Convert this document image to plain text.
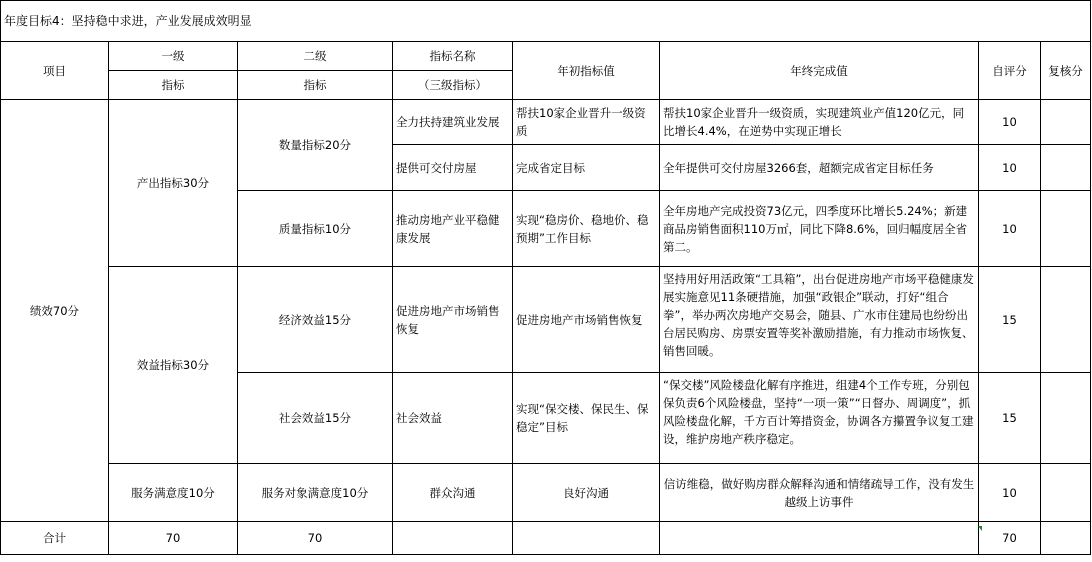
年度目标4：坚持稳中求进，产业发展成效明显							
项目	一级	二级	指标名称	年初指标值	年终完成值	自评分	复核分
	指标	指标	（三级指标）				
绩效70分	产出指标30分	数量指标20分	全力扶持建筑业发展	帮扶10家企业晋升一级资质	帮扶10家企业晋升一级资质，实现建筑业产值120亿元，同比增长4.4%，在逆势中实现正增长	10	
			提供可交付房屋	完成省定目标	全年提供可交付房屋3266套，超额完成省定目标任务	10	
		质量指标10分	推动房地产业平稳健康发展	实现“稳房价、稳地价、稳预期”工作目标	全年房地产完成投资73亿元，四季度环比增长5.24%；新建商品房销售面积110万㎡，同比下降8.6%，回归幅度居全省第二。	10	
	效益指标30分	经济效益15分	促进房地产市场销售恢复	促进房地产市场销售恢复	坚持用好用活政策“工具箱”，出台促进房地产市场平稳健康发展实施意见11条硬措施，加强“政银企”联动，打好“组合拳”，举办两次房地产交易会，随县、广水市住建局也纷纷出台居民购房、房票安置等奖补激励措施，有力推动市场恢复、销售回暖。	15	
		社会效益15分	社会效益	实现“保交楼、保民生、保稳定”目标	“保交楼”风险楼盘化解有序推进，组建4个工作专班，分别包保负责6个风险楼盘，坚持“一项一策”“日督办、周调度”，抓风险楼盘化解，千方百计筹措资金，协调各方攥置争议复工建设，维护房地产秩序稳定。	15	
	服务满意度10分	服务对象满意度10分	群众沟通	良好沟通	信访维稳，做好购房群众解释沟通和情绪疏导工作，没有发生越级上访事件	10	
合计	70	70				70	
